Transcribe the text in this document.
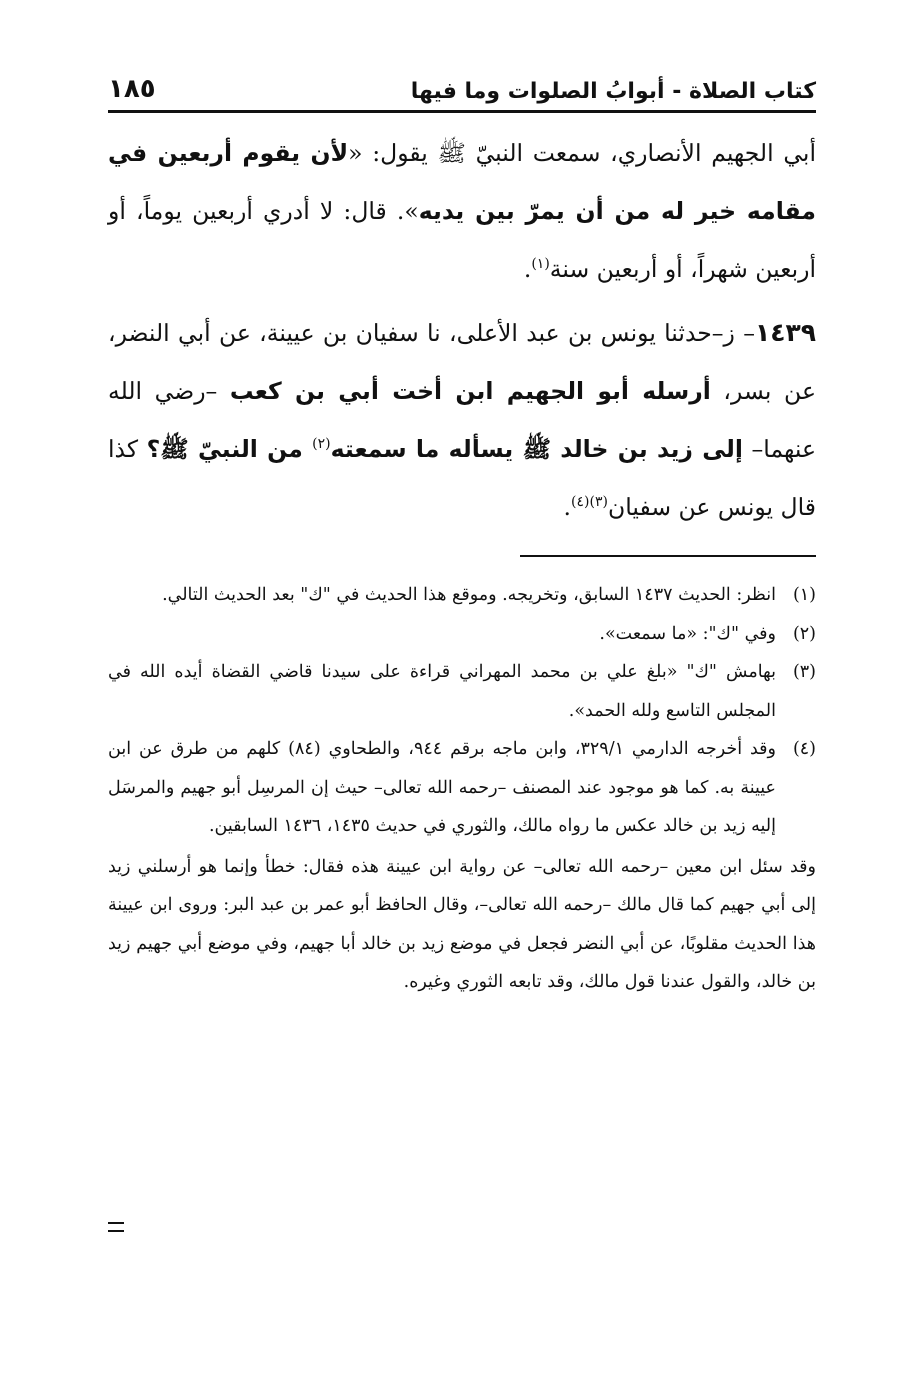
كتاب الصلاة - أبوابُ الصلوات وما فيها
١٨٥

أبي الجهيم الأنصاري، سمعت النبيّ ﷺ يقول: «لأن يقوم أربعين في مقامه خير له من أن يمرّ بين يديه». قال: لا أدري أربعين يوماً، أو أربعين شهراً، أو أربعين سنة$^{(١)}$.

١٤٣٩– ز–حدثنا يونس بن عبد الأعلى، نا سفيان بن عيينة، عن أبي النضر، عن بسر، أرسله أبو الجهيم ابن أخت أبي بن كعب –رضي الله عنهما– إلى زيد بن خالد ﷺ يسأله ما سمعته$^{(٢)}$ من النبيّ ﷺ؟ كذا قال يونس عن سفيان$^{(٣)(٤)}$.

(١)
انظر: الحديث ١٤٣٧ السابق، وتخريجه. وموقع هذا الحديث في "ك" بعد الحديث التالي.
(٢)
وفي "ك": «ما سمعت».
(٣)
بهامش "ك" «بلغ علي بن محمد المهراني قراءة على سيدنا قاضي القضاة أيده الله في المجلس التاسع ولله الحمد».
(٤)
وقد أخرجه الدارمي ٣٢٩/١، وابن ماجه برقم ٩٤٤، والطحاوي (٨٤) كلهم من طرق عن ابن عيينة به. كما هو موجود عند المصنف –رحمه الله تعالى– حيث إن المرسِل أبو جهيم والمرسَل إليه زيد بن خالد عكس ما رواه مالك، والثوري في حديث ١٤٣٥، ١٤٣٦ السابقين.
وقد سئل ابن معين –رحمه الله تعالى– عن رواية ابن عيينة هذه فقال: خطأ وإنما هو أرسلني زيد إلى أبي جهيم كما قال مالك –رحمه الله تعالى–، وقال الحافظ أبو عمر بن عبد البر: وروى ابن عيينة هذا الحديث مقلوبًا، عن أبي النضر فجعل في موضع زيد بن خالد أبا جهيم، وفي موضع أبي جهيم زيد بن خالد، والقول عندنا قول مالك، وقد تابعه الثوري وغيره.
